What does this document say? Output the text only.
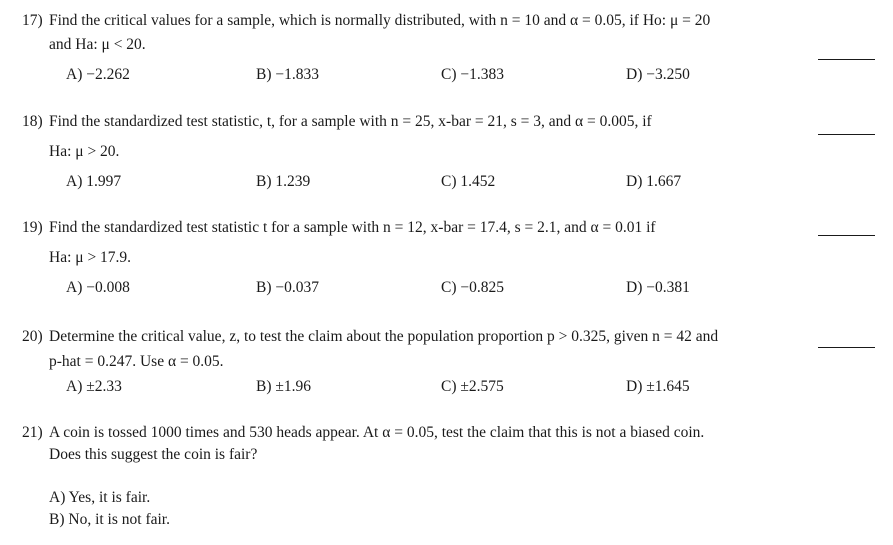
17) Find the critical values for a sample, which is normally distributed, with n = 10 and α = 0.05, if Ho: μ = 20
and Ha: μ < 20.
A) −2.262	B) −1.833	C) −1.383	D) −3.250
18) Find the standardized test statistic, t, for a sample with n = 25, x-bar = 21, s = 3, and α = 0.005, if
Ha: μ > 20.
A) 1.997	B) 1.239	C) 1.452	D) 1.667
19) Find the standardized test statistic t for a sample with n = 12, x-bar = 17.4, s = 2.1, and α = 0.01 if
Ha: μ > 17.9.
A) −0.008	B) −0.037	C) −0.825	D) −0.381
20) Determine the critical value, z, to test the claim about the population proportion p > 0.325, given n = 42 and
p-hat = 0.247. Use α = 0.05.
A) ±2.33	B) ±1.96	C) ±2.575	D) ±1.645
21) A coin is tossed 1000 times and 530 heads appear. At α = 0.05, test the claim that this is not a biased coin.
Does this suggest the coin is fair?
A) Yes, it is fair.
B) No, it is not fair.
